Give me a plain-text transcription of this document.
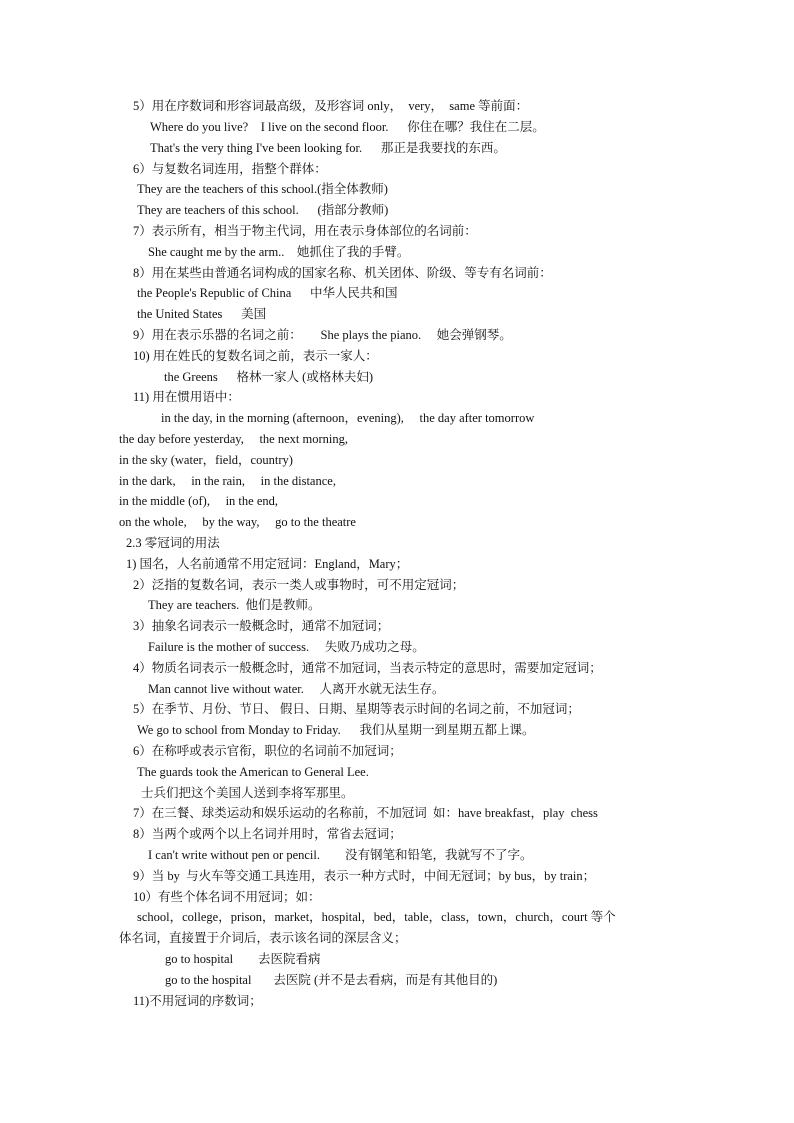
5）用在序数词和形容词最高级，及形容词 only，  very，  same 等前面：
Where do you live?    I live on the second floor.      你住在哪？我住在二层。
That's the very thing I've been looking for.      那正是我要找的东西。
6）与复数名词连用，指整个群体：
They are the teachers of this school.(指全体教师)
They are teachers of this school.      (指部分教师)
7）表示所有，相当于物主代词，用在表示身体部位的名词前：
She caught me by the arm..    她抓住了我的手臂。
8）用在某些由普通名词构成的国家名称、机关团体、阶级、等专有名词前：
the People's Republic of China      中华人民共和国
the United States      美国
9）用在表示乐器的名词之前：      She plays the piano.     她会弹钢琴。
10) 用在姓氏的复数名词之前，表示一家人：
the Greens      格林一家人 (或格林夫妇)
11) 用在惯用语中：
in the day, in the morning (afternoon，evening),     the day after tomorrow
the day before yesterday,     the next morning,
in the sky (water，field，country)
in the dark,     in the rain,     in the distance,
in the middle (of),     in the end,
on the whole,     by the way,     go to the theatre
2.3 零冠词的用法
1) 国名，人名前通常不用定冠词：England，Mary；
2）泛指的复数名词，表示一类人或事物时，可不用定冠词；
They are teachers.  他们是教师。
3）抽象名词表示一般概念时，通常不加冠词；
Failure is the mother of success.     失败乃成功之母。
4）物质名词表示一般概念时，通常不加冠词，当表示特定的意思时，需要加定冠词；
Man cannot live without water.     人离开水就无法生存。
5）在季节、月份、节日、 假日、日期、星期等表示时间的名词之前，不加冠词；
We go to school from Monday to Friday.      我们从星期一到星期五都上课。
6）在称呼或表示官衔，职位的名词前不加冠词；
The guards took the American to General Lee.
士兵们把这个美国人送到李将军那里。
7）在三餐、球类运动和娱乐运动的名称前，不加冠词  如：have breakfast，play  chess
8）当两个或两个以上名词并用时，常省去冠词；
I can't write without pen or pencil.        没有钢笔和铅笔，我就写不了字。
9）当 by  与火车等交通工具连用，表示一种方式时，中间无冠词；by bus，by train；
10）有些个体名词不用冠词；如：
school，college，prison，market，hospital，bed，table，class，town，church，court 等个
体名词，直接置于介词后，表示该名词的深层含义；
go to hospital        去医院看病
go to the hospital       去医院 (并不是去看病，而是有其他目的)
11)不用冠词的序数词；
